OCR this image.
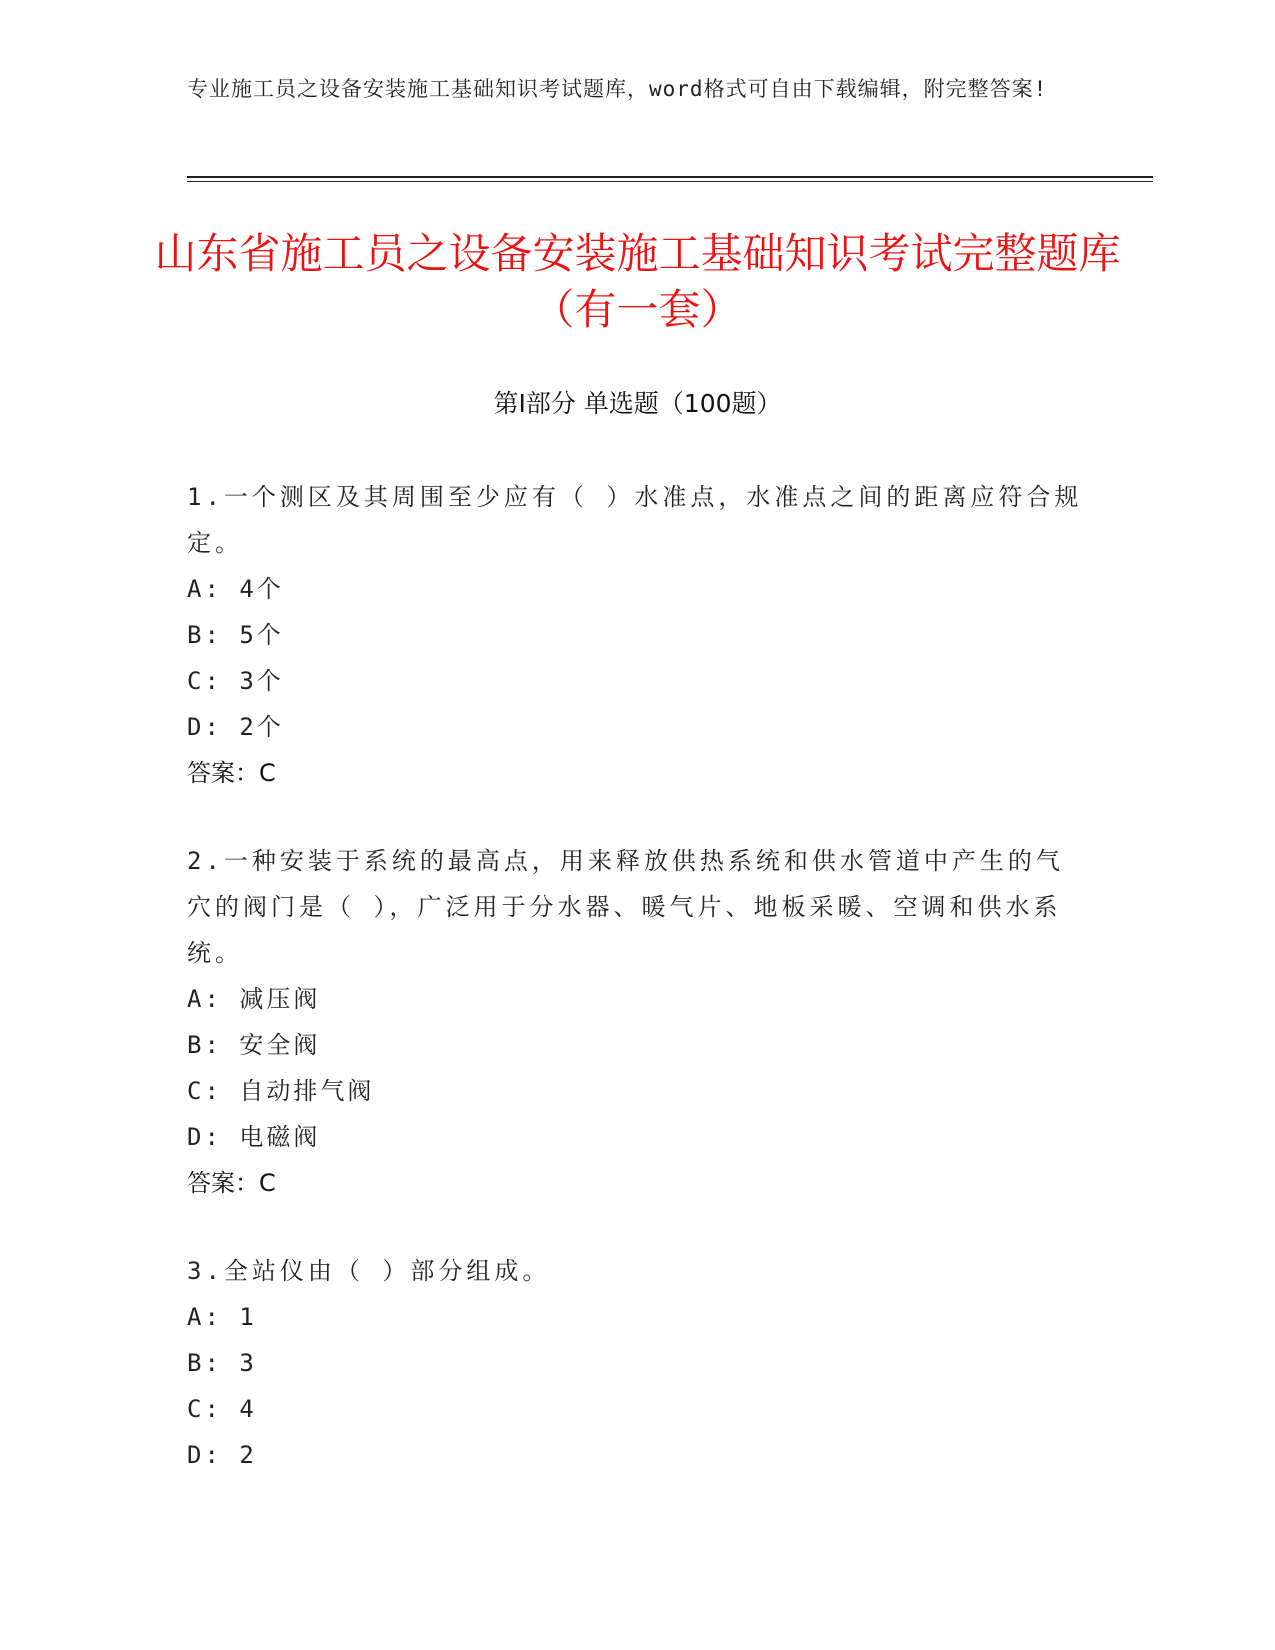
专业施工员之设备安装施工基础知识考试题库，word格式可自由下载编辑，附完整答案!
山东省施工员之设备安装施工基础知识考试完整题库（有一套）
第Ⅰ部分 单选题（100题）

1.一个测区及其周围至少应有（ ）水准点，水准点之间的距离应符合规定。

A: 4个

B: 5个

C: 3个

D: 2个

答案：C

2.一种安装于系统的最高点，用来释放供热系统和供水管道中产生的气穴的阀门是（ ），广泛用于分水器、暖气片、地板采暖、空调和供水系统。

A: 减压阀

B: 安全阀

C: 自动排气阀

D: 电磁阀

答案：C

3.全站仪由（ ）部分组成。

A: 1

B: 3

C: 4

D: 2
